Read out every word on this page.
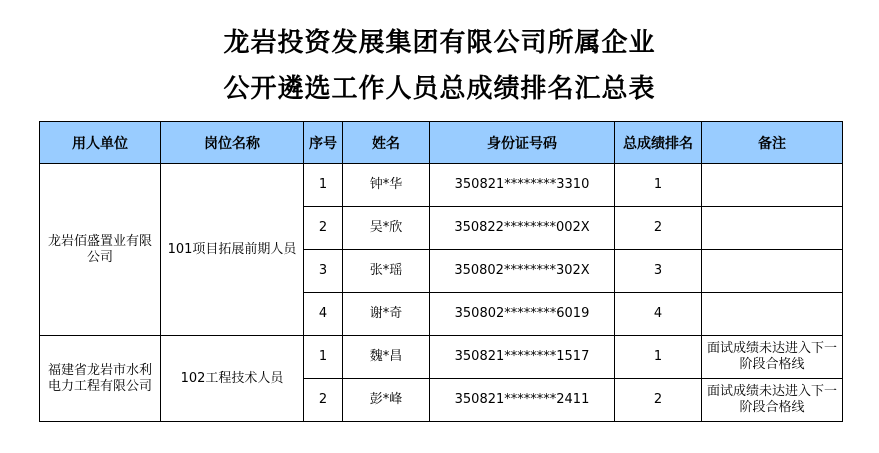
龙岩投资发展集团有限公司所属企业
公开遴选工作人员总成绩排名汇总表
用人单位	岗位名称	序号	姓名	身份证号码	总成绩排名	备注
龙岩佰盛置业有限公司	101项目拓展前期人员	1	钟*华	350821********3310	1	
		2	吴*欣	350822********002X	2	
		3	张*瑶	350802********302X	3	
		4	谢*奇	350802********6019	4	
福建省龙岩市水利电力工程有限公司	102工程技术人员	1	魏*昌	350821********1517	1	面试成绩未达进入下一阶段合格线
		2	彭*峰	350821********2411	2	面试成绩未达进入下一阶段合格线
